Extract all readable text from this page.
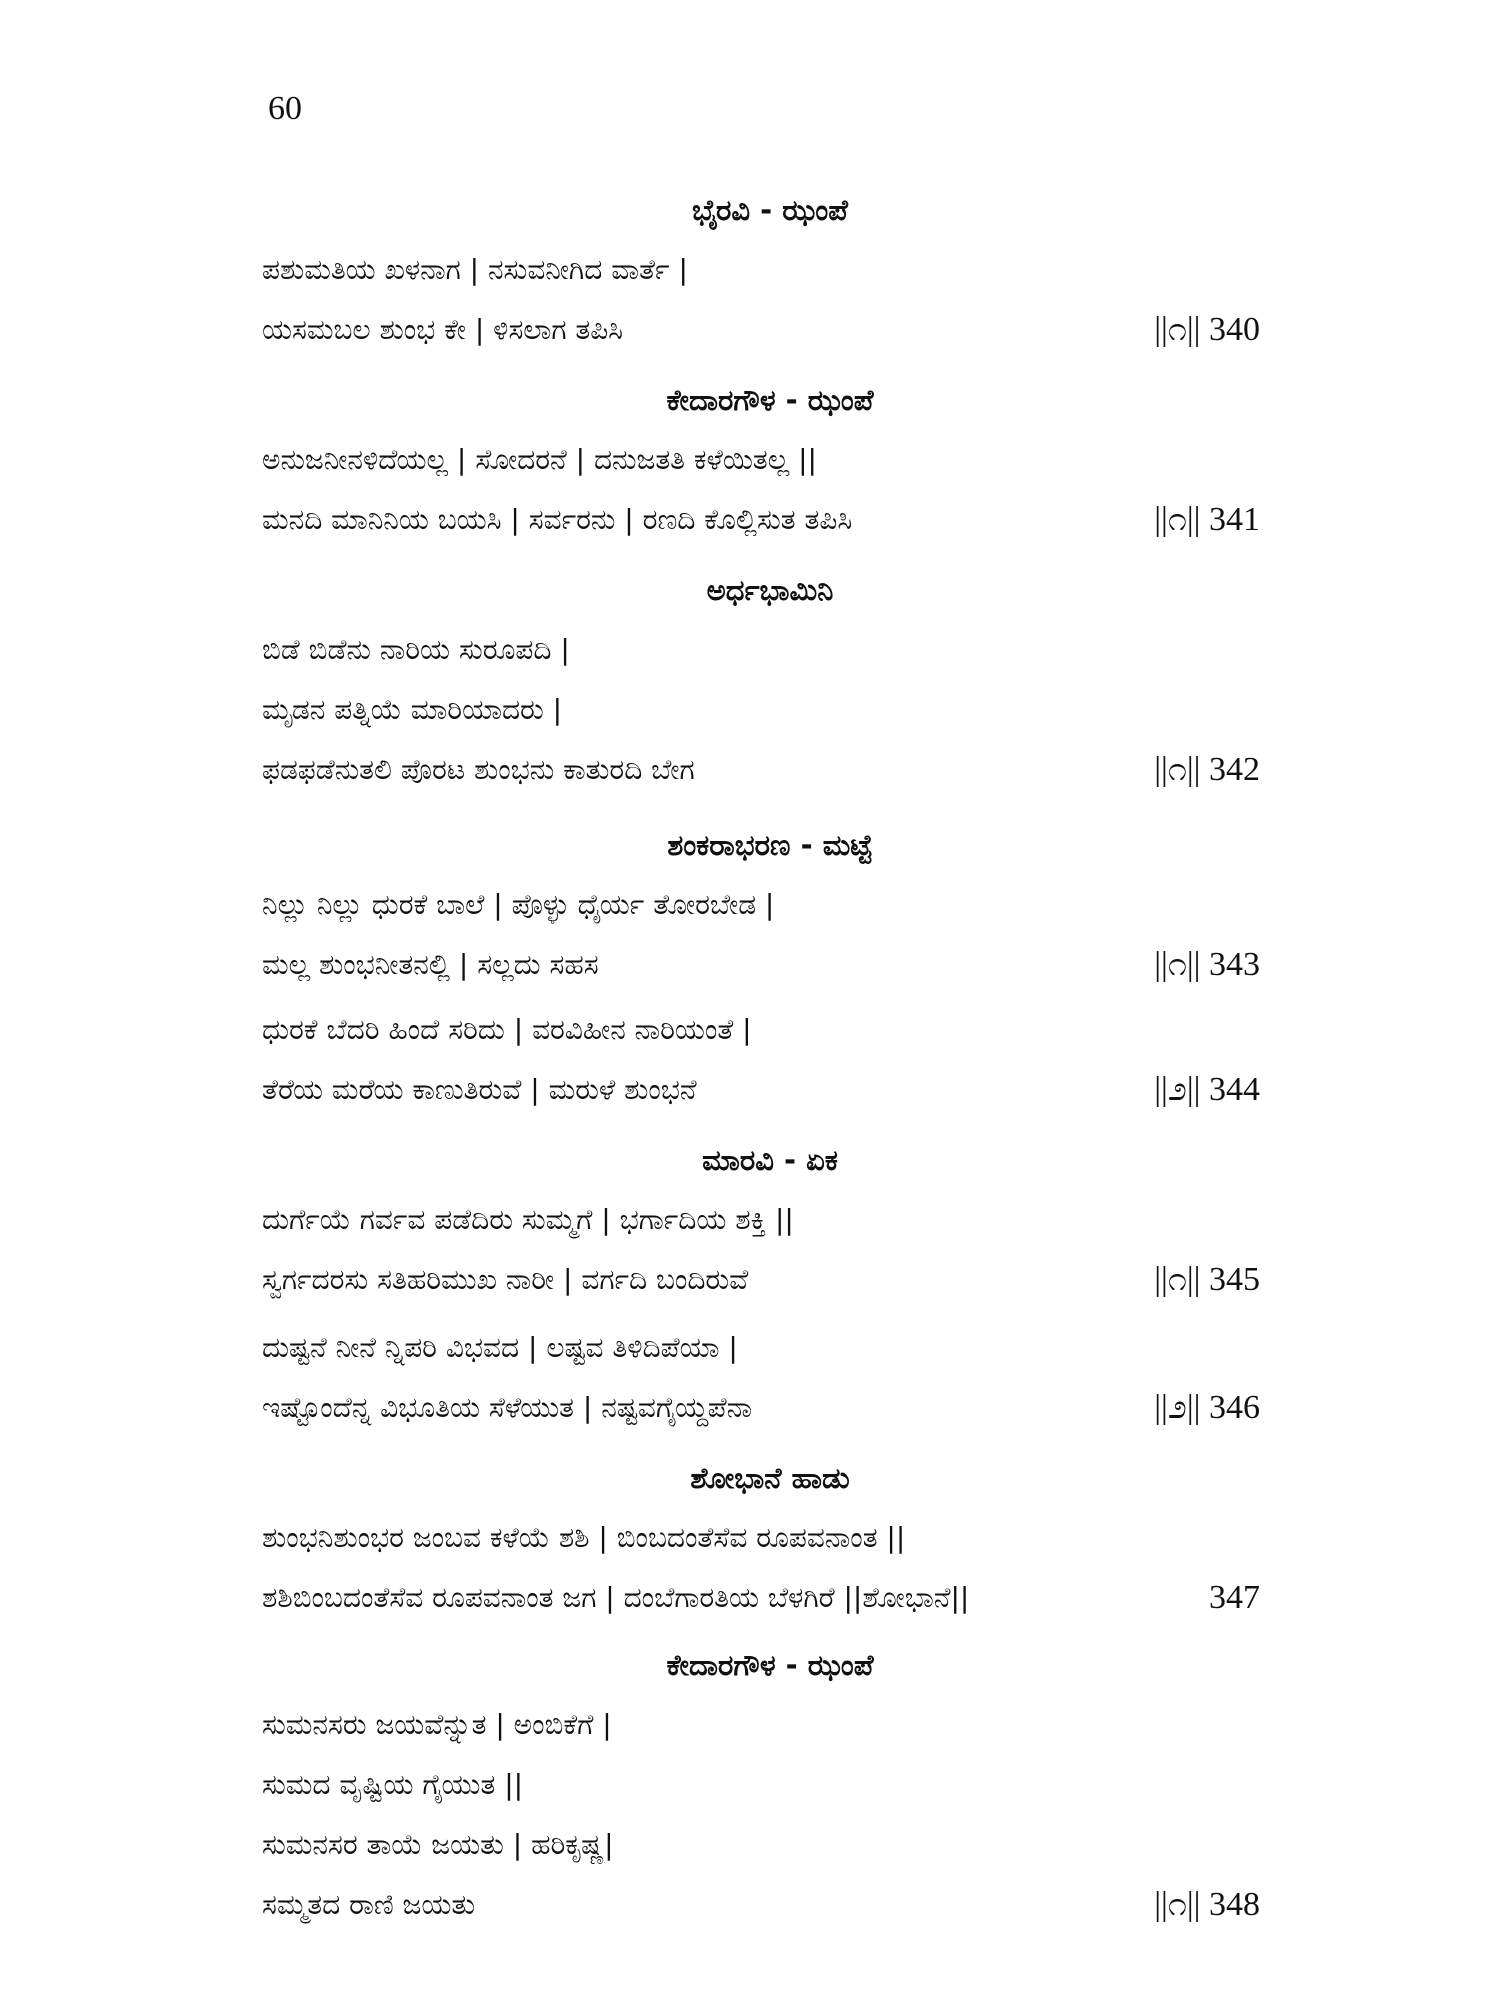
60
ಭೈರವಿ - ಝಂಪೆ
ಪಶುಮತಿಯ ಖಳನಾಗ | ನಸುವನೀಗಿದ ವಾರ್ತೆ |
ಯಸಮಬಲ ಶುಂಭ ಕೇ | ಳಿಸಲಾಗ ತಪಿಸಿ	||೧|| 340
ಕೇದಾರಗೌಳ - ಝಂಪೆ
ಅನುಜನೀನಳಿದೆಯಲ್ಲ | ಸೋದರನೆ | ದನುಜತತಿ ಕಳೆಯಿತಲ್ಲ ||
ಮನದಿ ಮಾನಿನಿಯ ಬಯಸಿ | ಸರ್ವರನು | ರಣದಿ ಕೊಲ್ಲಿಸುತ ತಪಿಸಿ	||೧|| 341
ಅರ್ಧಭಾಮಿನಿ
ಬಿಡೆ ಬಿಡೆನು ನಾರಿಯ ಸುರೂಪದಿ |
ಮೃಡನ ಪತ್ನಿಯೆ ಮಾರಿಯಾದರು |
ಫಡಫಡೆನುತಲಿ ಪೊರಟ ಶುಂಭನು ಕಾತುರದಿ ಬೇಗ	||೧|| 342
ಶಂಕರಾಭರಣ - ಮಟ್ಟೆ
ನಿಲ್ಲು ನಿಲ್ಲು ಧುರಕೆ ಬಾಲೆ | ಪೊಳ್ಳು ಧೈರ್ಯ ತೋರಬೇಡ |
ಮಲ್ಲ ಶುಂಭನೀತನಲ್ಲಿ | ಸಲ್ಲದು ಸಹಸ	||೧|| 343
ಧುರಕೆ ಬೆದರಿ ಹಿಂದೆ ಸರಿದು | ವರವಿಹೀನ ನಾರಿಯಂತೆ |
ತೆರೆಯ ಮರೆಯ ಕಾಣುತಿರುವೆ | ಮರುಳೆ ಶುಂಭನೆ	||೨|| 344
ಮಾರವಿ - ಏಕ
ದುರ್ಗೆಯೆ ಗರ್ವವ ಪಡೆದಿರು ಸುಮ್ಮಗೆ | ಭರ್ಗಾದಿಯ ಶಕ್ತಿ ||
ಸ್ವರ್ಗದರಸು ಸತಿಹರಿಮುಖ ನಾರೀ | ವರ್ಗದಿ ಬಂದಿರುವೆ	||೧|| 345
ದುಷ್ಟನೆ ನೀನೆ ನ್ನಿಪರಿ ವಿಭವದ | ಲಷ್ಟವ ತಿಳಿದಿಪೆಯಾ |
ಇಷ್ಟೊಂದೆನ್ನ ವಿಭೂತಿಯ ಸೆಳೆಯುತ | ನಷ್ಟವಗೈಯ್ದಪೆನಾ	||೨|| 346
ಶೋಭಾನೆ ಹಾಡು
ಶುಂಭನಿಶುಂಭರ ಜಂಬವ ಕಳೆಯೆ ಶಶಿ | ಬಿಂಬದಂತೆಸೆವ ರೂಪವನಾಂತ ||
ಶಶಿಬಿಂಬದಂತೆಸೆವ ರೂಪವನಾಂತ ಜಗ | ದಂಬೆಗಾರತಿಯ ಬೆಳಗಿರೆ ||ಶೋಭಾನೆ||	347
ಕೇದಾರಗೌಳ - ಝಂಪೆ
ಸುಮನಸರು ಜಯವೆನ್ನುತ | ಅಂಬಿಕೆಗೆ |
ಸುಮದ ವೃಷ್ಟಿಯ ಗೈಯುತ ||
ಸುಮನಸರ ತಾಯೆ ಜಯತು | ಹರಿಕೃಷ್ಣ|
ಸಮ್ಮತದ ರಾಣಿ ಜಯತು	||೧|| 348
